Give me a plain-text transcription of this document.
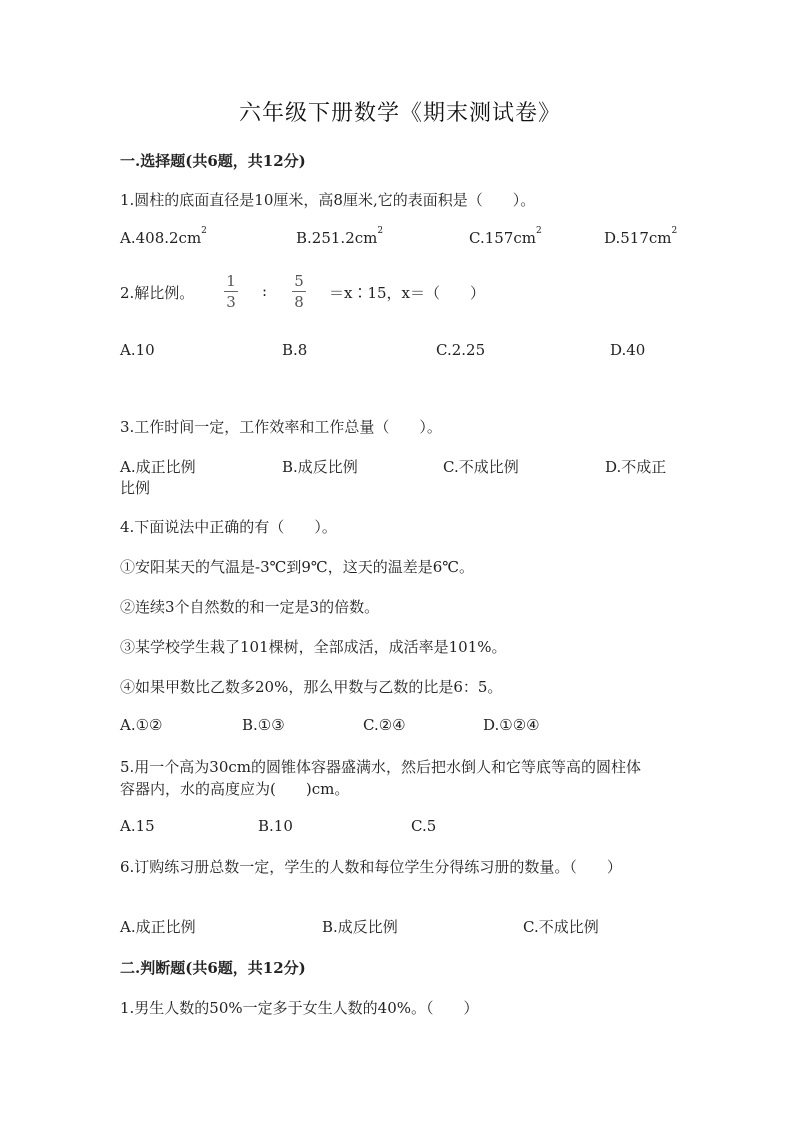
六年级下册数学《期末测试卷》
一.选择题(共6题，共12分)
1.圆柱的底面直径是10厘米，高8厘米,它的表面积是（　　）。
$A.408.2cm^2$	$B.251.2cm^2$	$C.157cm^2$	$D.517cm^2$
2.解比例。
1
3
:
5
8 ＝x∶15，x＝（　　）
A.10	B.8	C.2.25	D.40
3.工作时间一定，工作效率和工作总量（　　）。
A.成正比例	B.成反比例	C.不成比例	D.不成正
比例
4.下面说法中正确的有（　　）。
①安阳某天的气温是-3℃到9℃，这天的温差是6℃。
②连续3个自然数的和一定是3的倍数。
③某学校学生栽了101棵树，全部成活，成活率是101%。
④如果甲数比乙数多20%，那么甲数与乙数的比是6：5。
A.①②	B.①③	C.②④	D.①②④
5.用一个高为30cm的圆锥体容器盛满水，然后把水倒人和它等底等高的圆柱体
容器内，水的高度应为(　　)cm。
A.15	B.10	C.5
6.订购练习册总数一定，学生的人数和每位学生分得练习册的数量。（　　）
A.成正比例	B.成反比例	C.不成比例
二.判断题(共6题，共12分)
1.男生人数的50%一定多于女生人数的40%。（　　）
